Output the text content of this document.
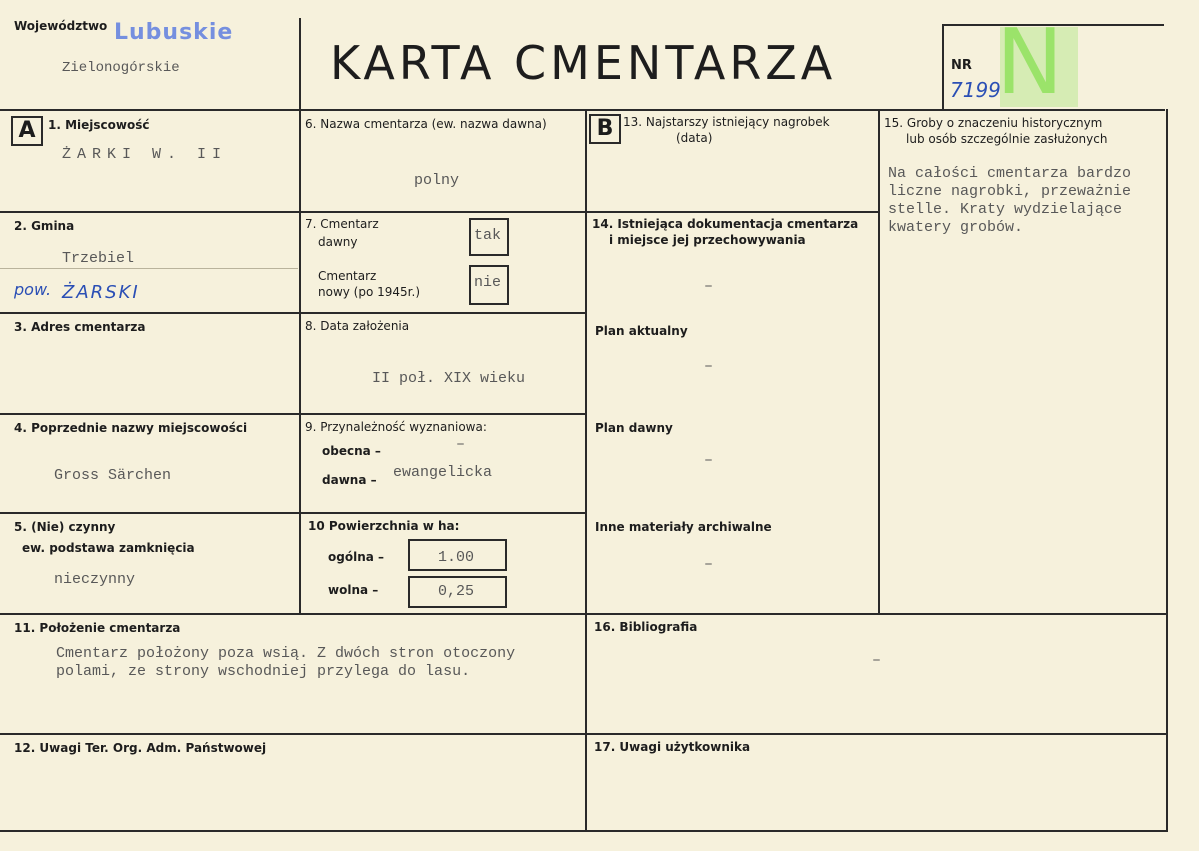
Województwo Lubuskie
Zielonogórskie	KARTA CMENTARZA N
NR
7199
A	B
1. Miejscowość
ŻARKI W. II
2. Gmina
Trzebiel
pow. ŻARSKI
3. Adres cmentarza
4. Poprzednie nazwy miejscowości
Gross Särchen
5. (Nie) czynny
ew. podstawa zamknięcia
nieczynny
6. Nazwa cmentarza (ew. nazwa dawna)
polny
7. Cmentarz
dawny	tak
Cmentarz
nowy (po 1945r.)
nie
8. Data założenia
II poł. XIX wieku
9. Przynależność wyznaniowa:
obecna –	–
dawna – ewangelicka
10 Powierzchnia w ha:
ogólna –	1.00
wolna –	0,25
11. Położenie cmentarza
Cmentarz położony poza wsią. Z dwóch stron otoczony
polami, ze strony wschodniej przylega do lasu.
12. Uwagi Ter. Org. Adm. Państwowej
13. Najstarszy istniejący nagrobek
(data)
14. Istniejąca dokumentacja cmentarza
i miejsce jej przechowywania
–
Plan aktualny
–
Plan dawny
–
Inne materiały archiwalne
–
15. Groby o znaczeniu historycznym
lub osób szczególnie zasłużonych
Na całości cmentarza bardzo
liczne nagrobki, przeważnie
stelle. Kraty wydzielające
kwatery grobów.
16. Bibliografia
–
17. Uwagi użytkownika
